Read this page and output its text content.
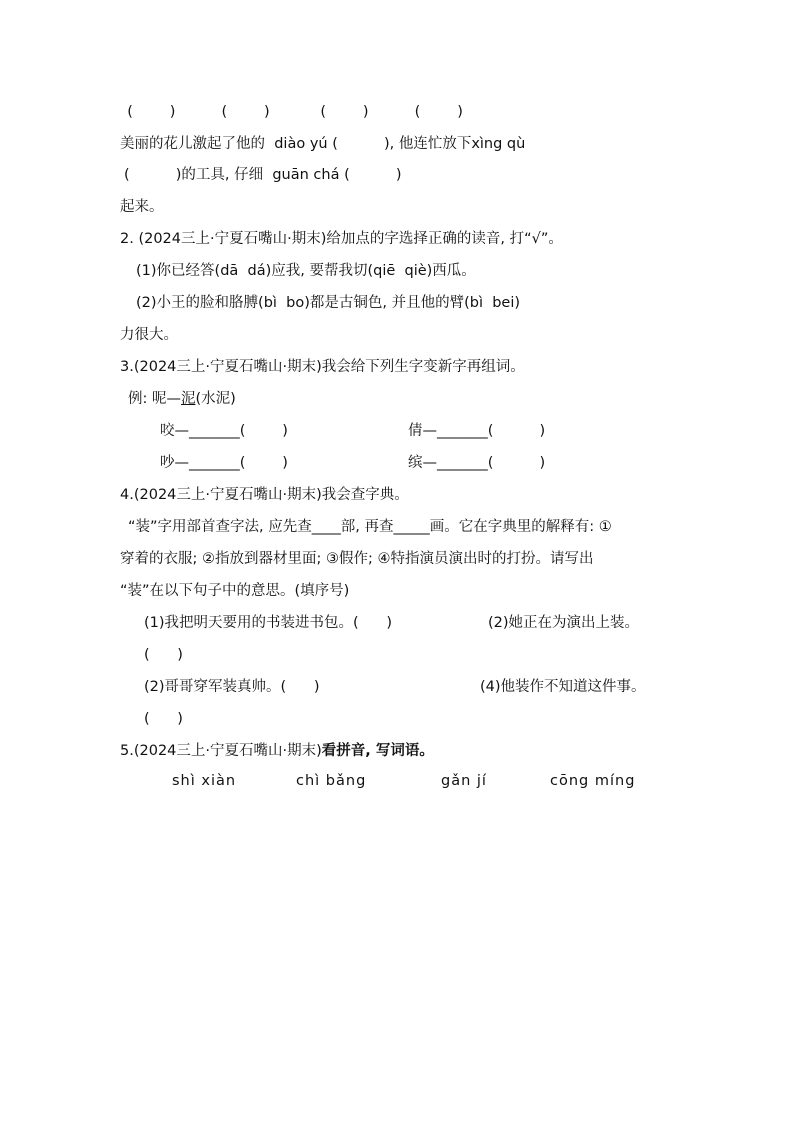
(        )          (        )           (        )          (        )
美丽的花儿激起了他的  diào yú (          ), 他连忙放下xìng qù
(          )的工具, 仔细  guān chá (          )
起来。
2. (2024三上·宁夏石嘴山·期末)给加点的字选择正确的读音, 打“√”。
(1)你已经答(dā  dá)应我, 要帮我切(qiē  qiè)西瓜。
(2)小王的脸和胳膊(bì  bo)都是古铜色, 并且他的臂(bì  bei)
力很大。
3.(2024三上·宁夏石嘴山·期末)我会给下列生字变新字再组词。
例: 呢—泥(水泥)
咬—_______(        )	倩—_______(          )
吵—_______(        )	缤—_______(          )
4.(2024三上·宁夏石嘴山·期末)我会查字典。
“装”字用部首查字法, 应先查____部, 再查_____画。它在字典里的解释有: ①
穿着的衣服; ②指放到器材里面; ③假作; ④特指演员演出时的打扮。请写出
“装”在以下句子中的意思。(填序号)
(1)我把明天要用的书装进书包。(      )	(2)她正在为演出上装。
(      )
(2)哥哥穿军装真帅。(      )	(4)他装作不知道这件事。
(      )
5.(2024三上·宁夏石嘴山·期末)看拼音, 写词语。
shì xiàn	chì bǎng	gǎn jí	cōng míng
